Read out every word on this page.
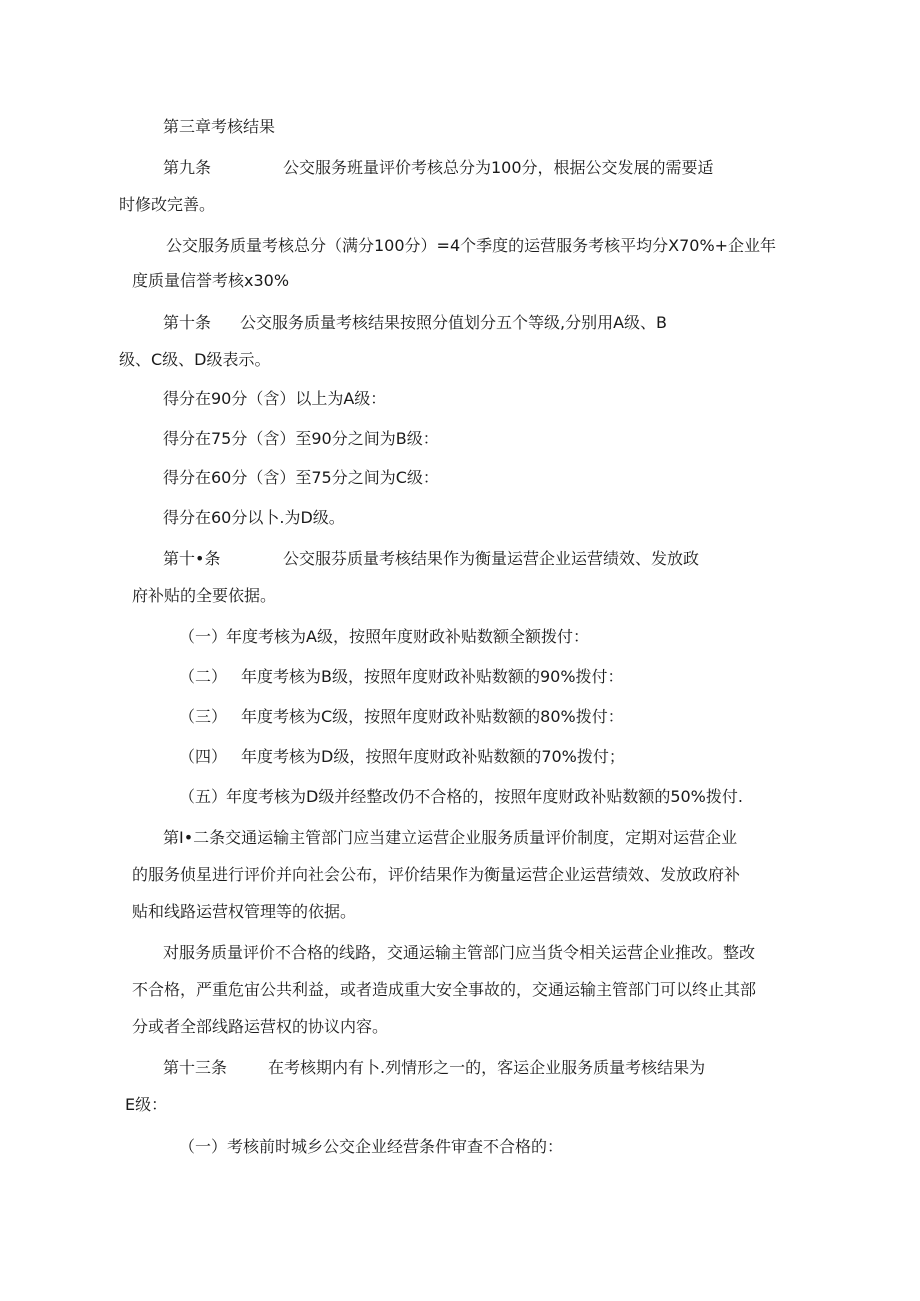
第三章考核结果

第九条	公交服务班量评价考核总分为100分，根据公交发展的需要适

时修改完善。

公交服务质量考核总分（满分100分）=4个季度的运营服务考核平均分X70%+企业年

度质量信誉考核x30%

第十条 公交服务质量考核结果按照分值划分五个等级,分别用A级、B

级、C级、D级表示。

得分在90分（含）以上为A级：

得分在75分（含）至90分之间为B级：

得分在60分（含）至75分之间为C级：

得分在60分以卜.为D级。

第十•条	公交服芬质量考核结果作为衡量运营企业运营绩效、发放政

府补贴的全要依据。

（一）

年度考核为A级，按照年度财政补贴数额全额拨付：

（二） 年度考核为B级，按照年度财政补贴数额的90%拨付：

（三） 年度考核为C级，按照年度财政补贴数额的80%拨付：

（四） 年度考核为D级，按照年度财政补贴数额的70%拨付；

（五）

年度考核为D级并经整改仍不合格的，按照年度财政补贴数额的50%拨付.

第I•二条交通运输主管部门应当建立运营企业服务质量评价制度，定期对运营企业

的服务侦星进行评价并向社会公布，评价结果作为衡量运营企业运营绩效、发放政府补

贴和线路运营权管理等的依据。

对服务质量评价不合格的线路，交通运输主管部门应当货令相关运营企业推改。整改

不合格，严重危宙公共利益，或者造成重大安全事故的，交通运输主管部门可以终止其部

分或者全部线路运营权的协议内容。

第十三条	在考核期内有卜.列情形之一的，客运企业服务质量考核结果为

E级：

（一）考核前时城乡公交企业经营条件审查不合格的：
